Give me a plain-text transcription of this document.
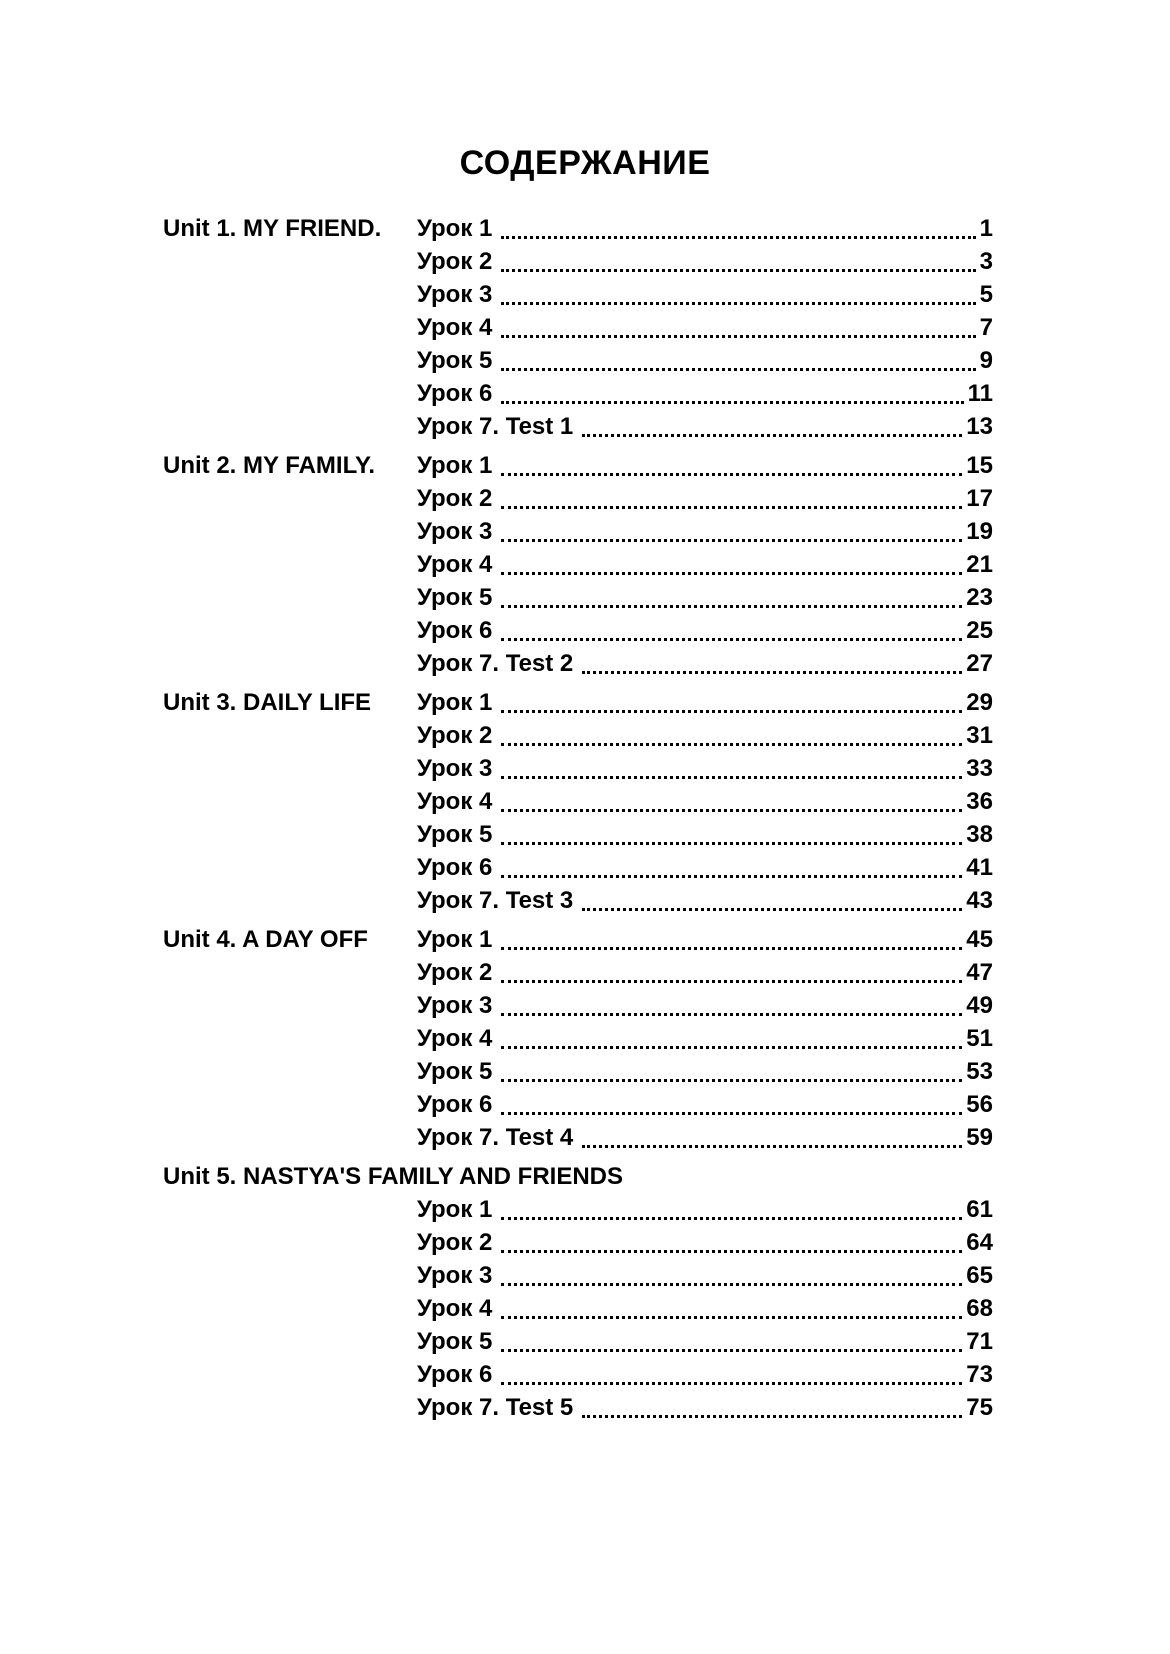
СОДЕРЖАНИЕ
Unit 1. MY FRIEND.	Урок 1	1
Урок 2	3
Урок 3	5
Урок 4	7
Урок 5	9
Урок 6	11
Урок 7. Test 1	13
Unit 2. MY FAMILY.	Урок 1	15
Урок 2	17
Урок 3	19
Урок 4	21
Урок 5	23
Урок 6	25
Урок 7. Test 2	27
Unit 3. DAILY LIFE	Урок 1	29
Урок 2	31
Урок 3	33
Урок 4	36
Урок 5	38
Урок 6	41
Урок 7. Test 3	43
Unit 4. A DAY OFF	Урок 1	45
Урок 2	47
Урок 3	49
Урок 4	51
Урок 5	53
Урок 6	56
Урок 7. Test 4	59
Unit 5. NASTYA'S FAMILY AND FRIENDS
Урок 1	61
Урок 2	64
Урок 3	65
Урок 4	68
Урок 5	71
Урок 6	73
Урок 7. Test 5	75
